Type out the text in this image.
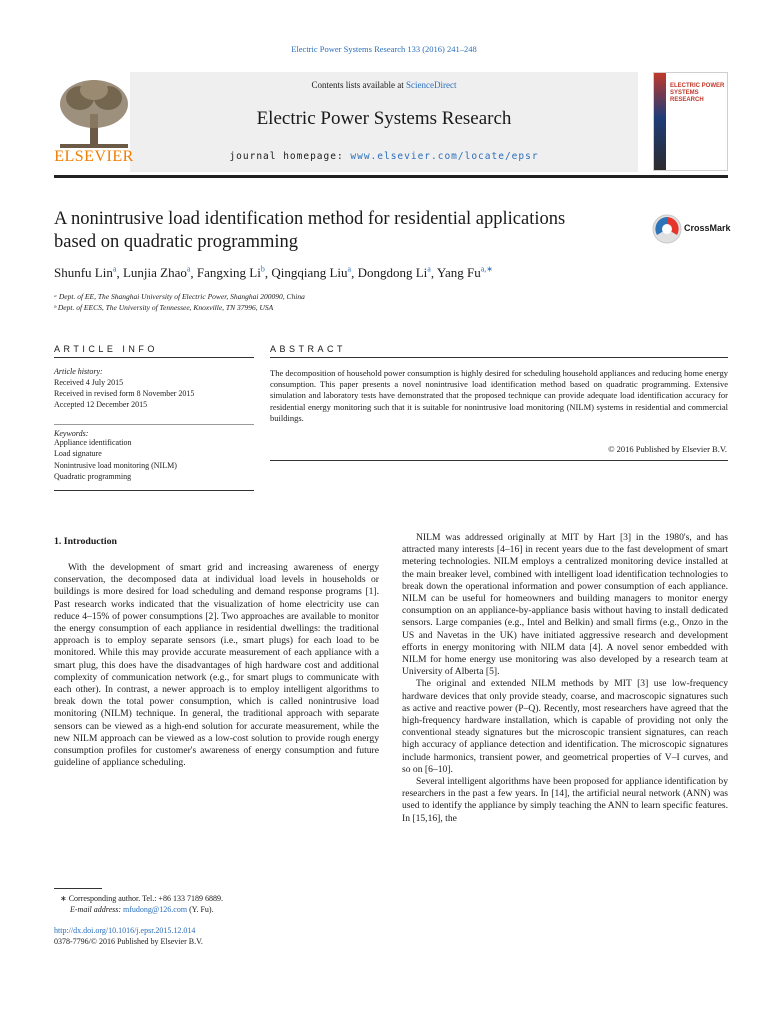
Electric Power Systems Research 133 (2016) 241–248
Contents lists available at ScienceDirect
Electric Power Systems Research
journal homepage: www.elsevier.com/locate/epsr
ELSEVIER
ELECTRIC POWER SYSTEMS RESEARCH
A nonintrusive load identification method for residential applications
based on quadratic programming
CrossMark
Shunfu Lin$^a$, Lunjia Zhao$^a$, Fangxing Li$^b$, Qingqiang Liu$^a$, Dongdong Li$^a$, Yang $Fu^{a,∗}$
ᵃ Dept. of EE, The Shanghai University of Electric Power, Shanghai 200090, China
ᵇ Dept. of EECS, The University of Tennessee, Knoxville, TN 37996, USA
ARTICLE INFO	ABSTRACT
Article history:
Received 4 July 2015
Received in revised form 8 November 2015
Accepted 12 December 2015
Keywords:
Appliance identification
Load signature
Nonintrusive load monitoring (NILM)
Quadratic programming
The decomposition of household power consumption is highly desired for scheduling household appliances and reducing home energy consumption. This paper presents a novel nonintrusive load identification method based on quadratic programming. Extensive simulation and laboratory tests have demonstrated that the proposed technique can provide adequate load identification accuracy for residential energy monitoring such that it is suitable for nonintrusive load monitoring (NILM) systems in residential and commercial buildings.
© 2016 Published by Elsevier B.V.
1. Introduction
With the development of smart grid and increasing awareness of energy conservation, the decomposed data at individual load levels in households or buildings is more desired for load scheduling and demand response programs [1]. Past research works indicated that the visualization of home electricity use can reduce 4–15% of power consumptions [2]. Two approaches are available to monitor the energy consumption of each appliance in residential dwellings: the traditional approach is to employ separate sensors (i.e., smart plugs) for each load to be monitored. While this may provide accurate measurement of each appliance with a smart plug, this does have the disadvantages of high hardware cost and additional complexity of communication network (e.g., for smart plugs to communicate with each other). In contrast, a newer approach is to employ intelligent algorithms to break down the total power consumption, which is called nonintrusive load monitoring (NILM) technique. In general, the traditional approach with separate sensors can be viewed as a high-end solution for accurate measurement, while the new NILM approach can be viewed as a low-cost solution to provide rough energy consumption profiles for customer's awareness of energy consumption and future guideline of appliance scheduling.

NILM was addressed originally at MIT by Hart [3] in the 1980's, and has attracted many interests [4–16] in recent years due to the fast development of smart metering technologies. NILM employs a centralized monitoring device installed at the main breaker level, combined with intelligent load identification technologies to break down the operational information and power consumption of each appliance. NILM can be useful for homeowners and building managers to monitor energy consumption on an appliance-by-appliance basis without having to install dedicated sensors. Large companies (e.g., Intel and Belkin) and small firms (e.g., Onzo in the US and Navetas in the UK) have initiated aggressive research and development efforts in energy monitoring with NILM data [4]. A novel senor embedded with NILM for home energy use monitoring was also developed by a research team at University of Alberta [5].

The original and extended NILM methods by MIT [3] use low-frequency hardware devices that only provide steady, coarse, and macroscopic signatures such as active and reactive power (P–Q). Recently, most researchers have agreed that the high-frequency hardware installation, which is capable of providing not only the conventional steady signatures but the microscopic transient signatures, can reach high accuracy of appliance detection and identification. The microscopic signatures include harmonics, transient power, and geometrical properties of V–I curves, and so on [6–10].

Several intelligent algorithms have been proposed for appliance identification by researchers in the past a few years. In [14], the artificial neural network (ANN) was used to identify the appliance by simply teaching the ANN to learn specific features. In [15,16], the

∗ Corresponding author. Tel.: +86 133 7189 6889.
E-mail address: mfudong@126.com (Y. Fu).
http://dx.doi.org/10.1016/j.epsr.2015.12.014
0378-7796/© 2016 Published by Elsevier B.V.
